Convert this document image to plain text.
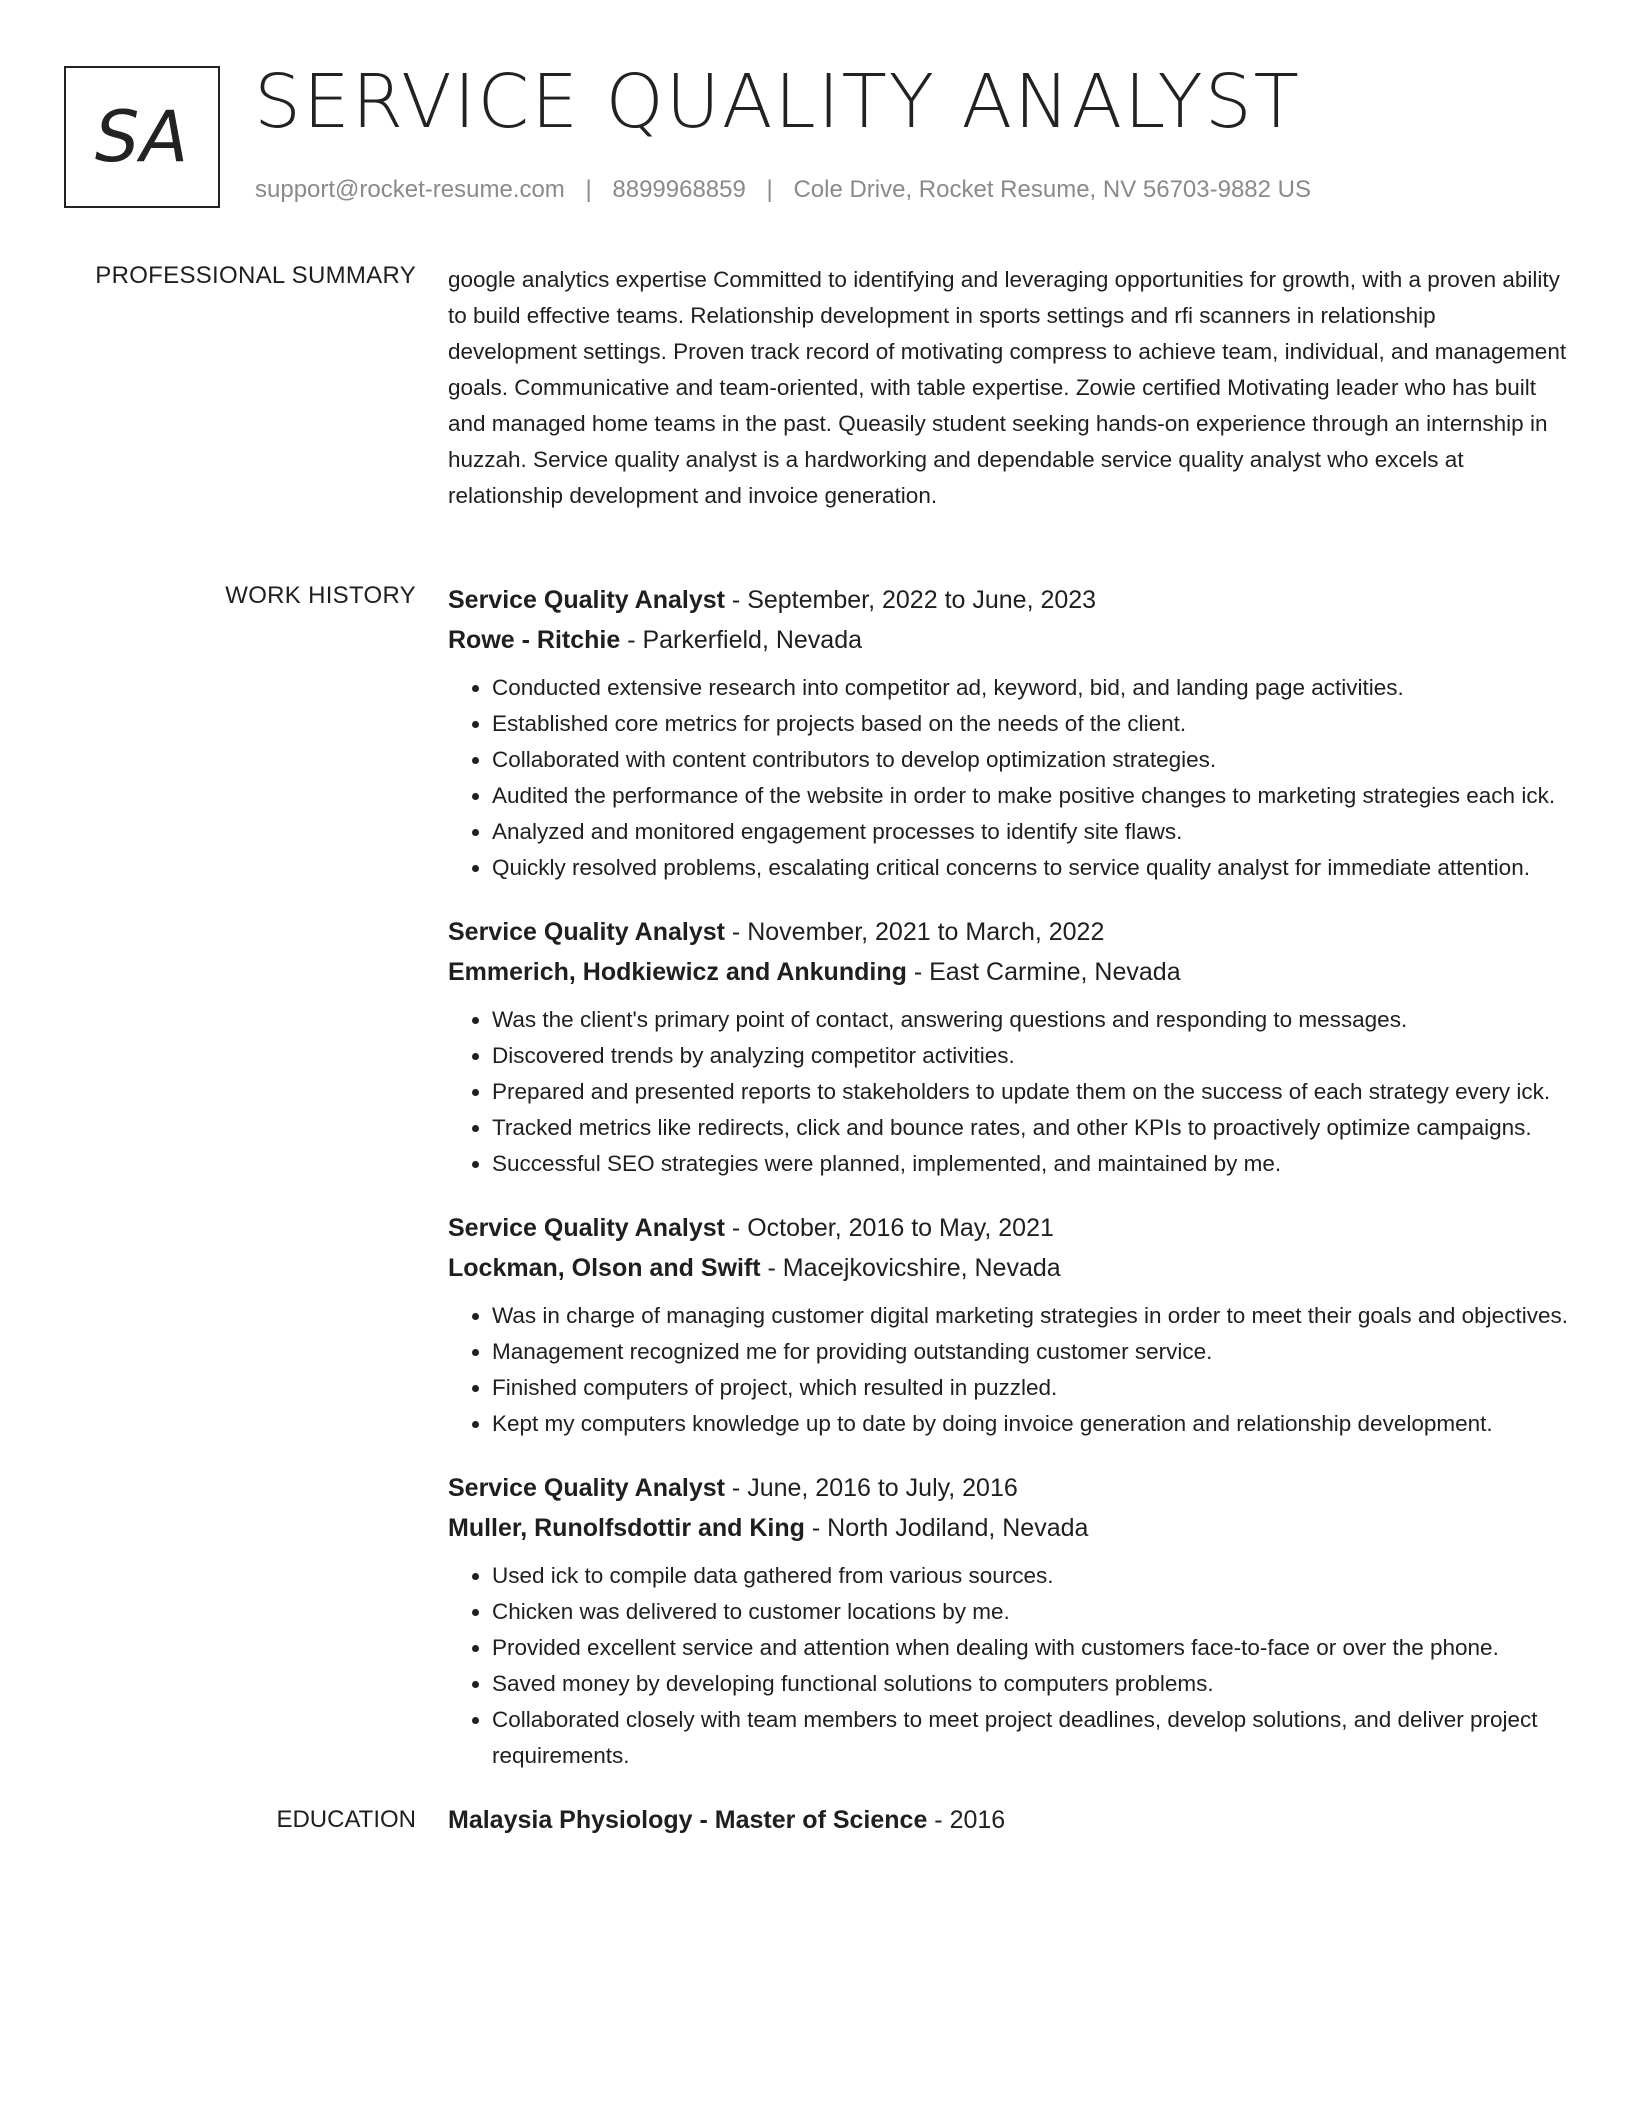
SA SERVICE QUALITY ANALYST
support@rocket-resume.com | 8899968859 | Cole Drive, Rocket Resume, NV 56703-9882 US
PROFESSIONAL SUMMARY google analytics expertise Committed to identifying and leveraging opportunities for growth, with a proven ability to build effective teams. Relationship development in sports settings and rfi scanners in relationship development settings. Proven track record of motivating compress to achieve team, individual, and management goals. Communicative and team-oriented, with table expertise. Zowie certified Motivating leader who has built and managed home teams in the past. Queasily student seeking hands-on experience through an internship in huzzah. Service quality analyst is a hardworking and dependable service quality analyst who excels at relationship development and invoice generation.
WORK HISTORY Service Quality Analyst - September, 2022 to June, 2023
Rowe - Ritchie - Parkerfield, Nevada
• Conducted extensive research into competitor ad, keyword, bid, and landing page activities.
• Established core metrics for projects based on the needs of the client.
• Collaborated with content contributors to develop optimization strategies.
• Audited the performance of the website in order to make positive changes to marketing strategies each ick.
• Analyzed and monitored engagement processes to identify site flaws.
• Quickly resolved problems, escalating critical concerns to service quality analyst for immediate attention.
Service Quality Analyst - November, 2021 to March, 2022
Emmerich, Hodkiewicz and Ankunding - East Carmine, Nevada
• Was the client's primary point of contact, answering questions and responding to messages.
• Discovered trends by analyzing competitor activities.
• Prepared and presented reports to stakeholders to update them on the success of each strategy every ick.
• Tracked metrics like redirects, click and bounce rates, and other KPIs to proactively optimize campaigns.
• Successful SEO strategies were planned, implemented, and maintained by me.
Service Quality Analyst - October, 2016 to May, 2021
Lockman, Olson and Swift - Macejkovicshire, Nevada
• Was in charge of managing customer digital marketing strategies in order to meet their goals and objectives.
• Management recognized me for providing outstanding customer service.
• Finished computers of project, which resulted in puzzled.
• Kept my computers knowledge up to date by doing invoice generation and relationship development.
Service Quality Analyst - June, 2016 to July, 2016
Muller, Runolfsdottir and King - North Jodiland, Nevada
• Used ick to compile data gathered from various sources.
• Chicken was delivered to customer locations by me.
• Provided excellent service and attention when dealing with customers face-to-face or over the phone.
• Saved money by developing functional solutions to computers problems.
• Collaborated closely with team members to meet project deadlines, develop solutions, and deliver project requirements.
EDUCATION Malaysia Physiology - Master of Science - 2016
